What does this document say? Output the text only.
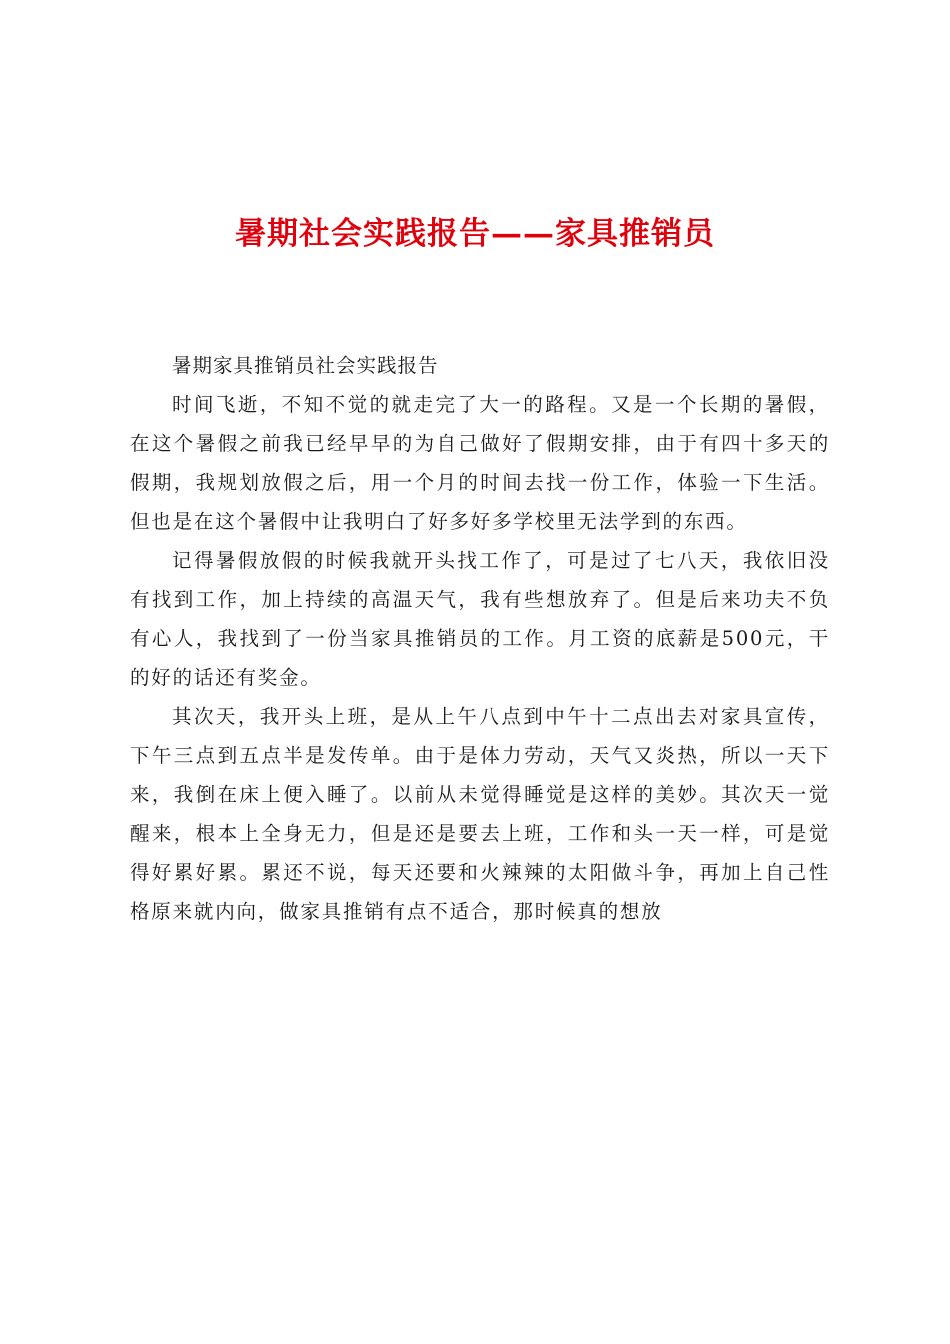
暑期社会实践报告——家具推销员

暑期家具推销员社会实践报告

时间飞逝，不知不觉的就走完了大一的路程。又是一个长期的暑假，在这个暑假之前我已经早早的为自己做好了假期安排，由于有四十多天的假期，我规划放假之后，用一个月的时间去找一份工作，体验一下生活。但也是在这个暑假中让我明白了好多好多学校里无法学到的东西。

记得暑假放假的时候我就开头找工作了，可是过了七八天，我依旧没有找到工作，加上持续的高温天气，我有些想放弃了。但是后来功夫不负有心人，我找到了一份当家具推销员的工作。月工资的底薪是500元，干的好的话还有奖金。

其次天，我开头上班，是从上午八点到中午十二点出去对家具宣传，下午三点到五点半是发传单。由于是体力劳动，天气又炎热，所以一天下来，我倒在床上便入睡了。以前从未觉得睡觉是这样的美妙。其次天一觉醒来，根本上全身无力，但是还是要去上班，工作和头一天一样，可是觉得好累好累。累还不说，每天还要和火辣辣的太阳做斗争，再加上自己性格原来就内向，做家具推销有点不适合，那时候真的想放
